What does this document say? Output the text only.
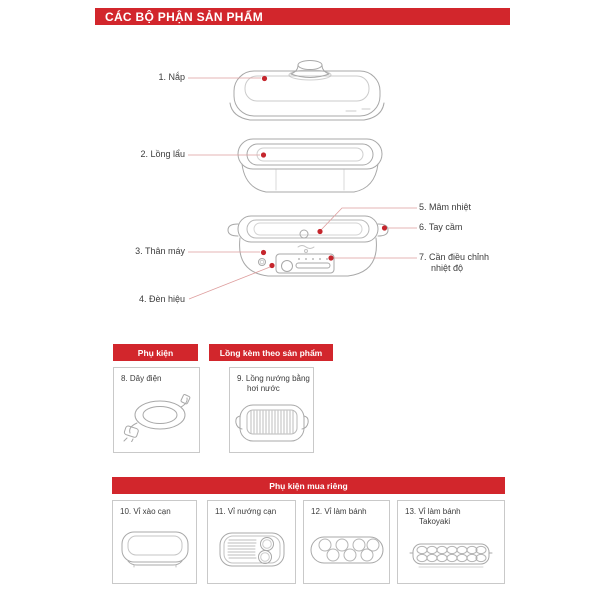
CÁC BỘ PHẬN SẢN PHẨM
1. Nắp
2. Lồng lẩu
3. Thân máy
4. Đèn hiệu
5. Mâm nhiệt
6. Tay cầm
7. Cần điều chỉnh nhiệt độ
Phụ kiện	Lồng kèm theo sản phẩm
8. Dây điện	9. Lồng nướng bằng hơi nước
Phụ kiện mua riêng
10. Vỉ xào cạn	11. Vỉ nướng cạn	12. Vỉ làm bánh	13. Vỉ làm bánh Takoyaki
